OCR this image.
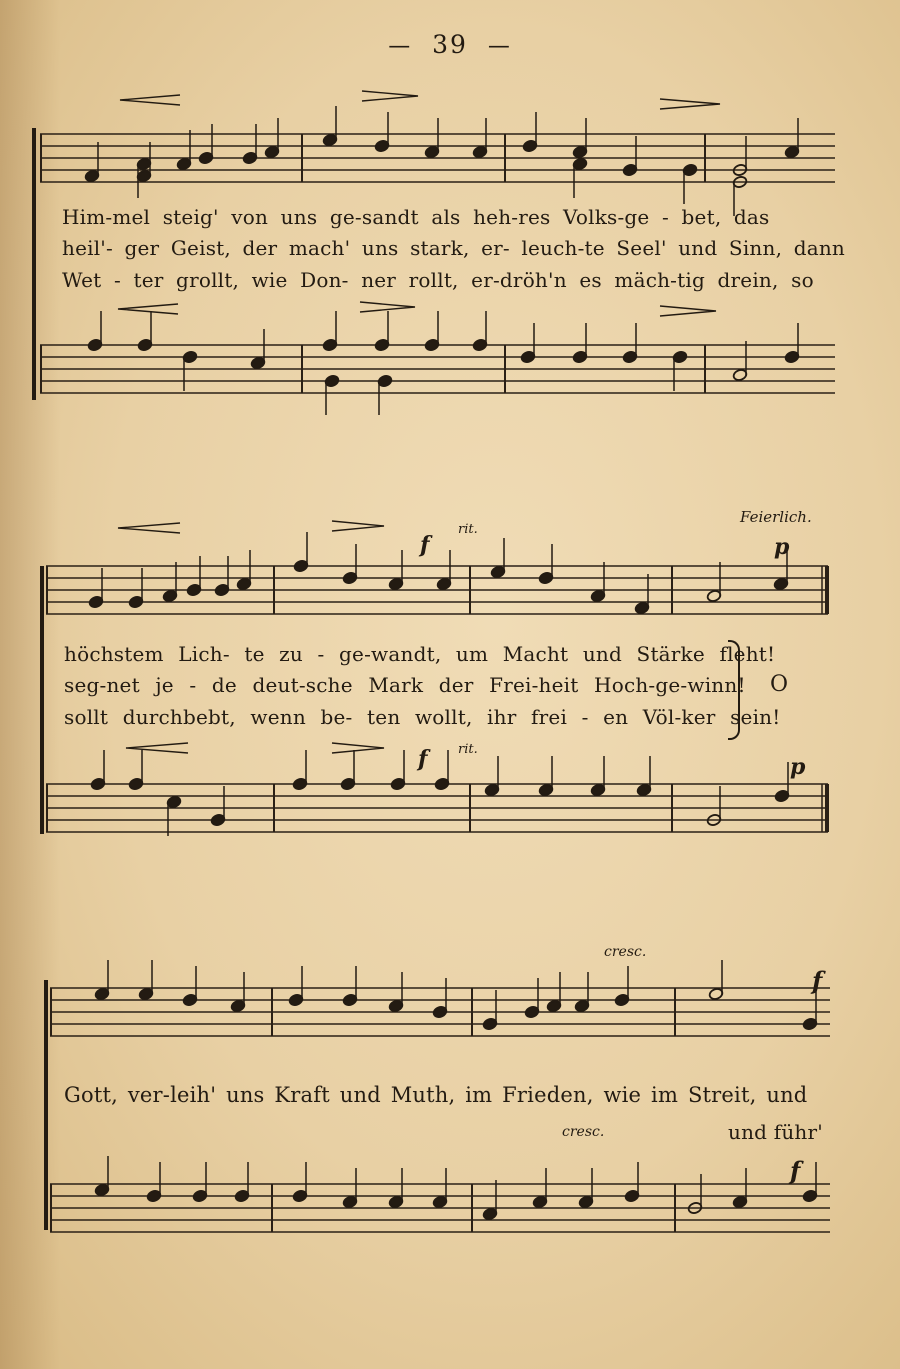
— 39 —
Him-mel steig' von uns ge-sandt als heh-res Volks-ge - bet, das
heil'- ger Geist, der mach' uns stark, er- leuch-te Seel' und Sinn, dann
Wet - ter grollt, wie Don- ner rollt, er-dröh'n es mäch-tig drein, so
Feierlich.
f
rit.
p
höchstem Lich- te zu - ge-wandt, um Macht und Stärke fleht!
seg-net je - de deut-sche Mark der Frei-heit Hoch-ge-winn!
sollt durchbebt, wenn be- ten wollt, ihr frei - en Völ-ker sein!
O
f rit.
p
cresc.
f
Gott, ver-leih' uns Kraft und Muth, im Frieden, wie im Streit, und
cresc.	und führ'
f
